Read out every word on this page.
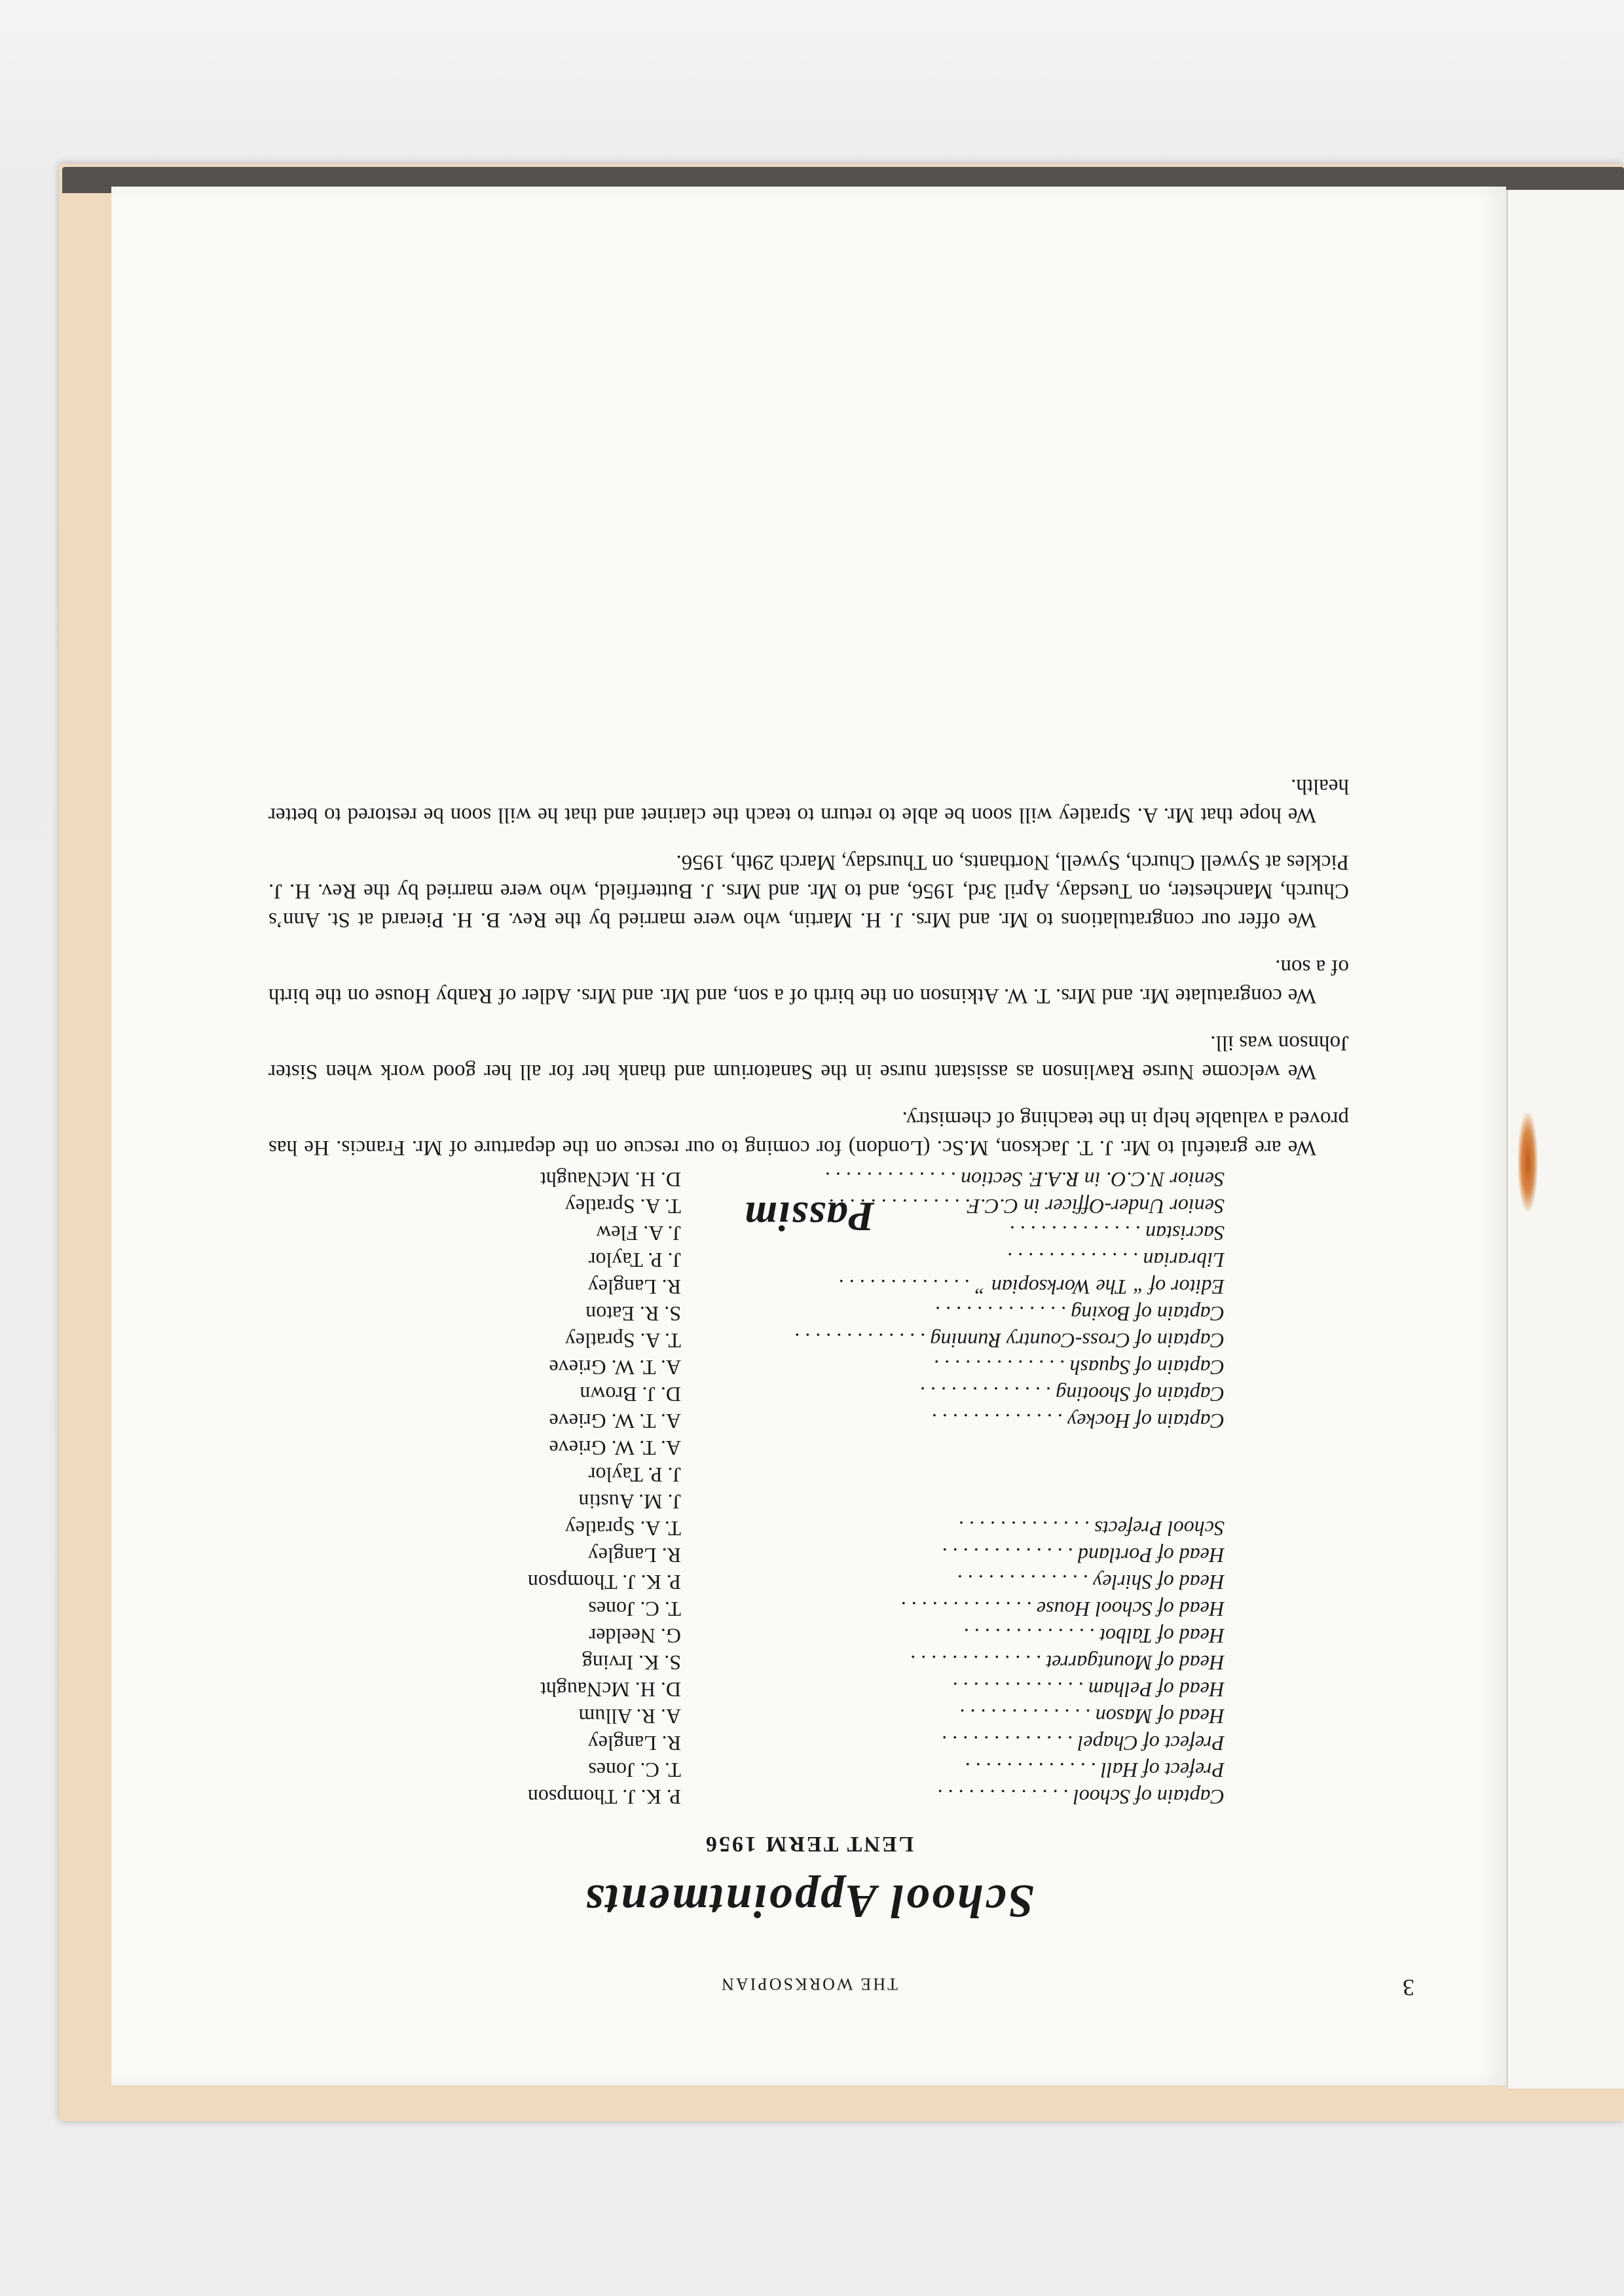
3
THE WORKSOPIAN
School Appointments
LENT TERM 1956
Captain of School . . . . . . . . . . . . .
P. K. J. Thompson
Prefect of Hall . . . . . . . . . . . . .
T. C. Jones
Prefect of Chapel . . . . . . . . . . . . .
R. Langley
Head of Mason . . . . . . . . . . . . .
A. R. Allum
Head of Pelham . . . . . . . . . . . . .
D. H. McNaught
Head of Mountgarret . . . . . . . . . . . . .
S. K. Irving
Head of Talbot . . . . . . . . . . . . .
G. Neelder
Head of School House . . . . . . . . . . . . .
T. C. Jones
Head of Shirley . . . . . . . . . . . . .
P. K. J. Thompson
Head of Portland . . . . . . . . . . . . .
R. Langley
School Prefects . . . . . . . . . . . . .
T. A. Spratley
J. M. Austin
J. P. Taylor
A. T. W. Grieve
Captain of Hockey . . . . . . . . . . . . .
A. T. W. Grieve
Captain of Shooting . . . . . . . . . . . . .
D. J. Brown
Captain of Squash . . . . . . . . . . . . .
A. T. W. Grieve
Captain of Cross-Country Running . . . . . . . . . . . . .
T. A. Spratley
Captain of Boxing . . . . . . . . . . . . .
S. R. Eaton
Editor of “ The Worksopian ” . . . . . . . . . . . . .
R. Langley
Librarian . . . . . . . . . . . . .
J. P. Taylor
Sacristan . . . . . . . . . . . . .
J. A. Flew
Senior Under-Officer in C.C.F. . . . . . . . . . . . . .
T. A. Spratley
Senior N.C.O. in R.A.F. Section . . . . . . . . . . . . .
D. H. McNaught
Passim

We are grateful to Mr. J. T. Jackson, M.Sc. (London) for coming to our rescue on the departure of Mr. Francis. He has proved a valuable help in the teaching of chemistry.

We welcome Nurse Rawlinson as assistant nurse in the Sanatorium and thank her for all her good work when Sister Johnson was ill.

We congratulate Mr. and Mrs. T. W. Atkinson on the birth of a son, and Mr. and Mrs. Adler of Ranby House on the birth of a son.

We offer our congratulations to Mr. and Mrs. J. H. Martin, who were married by the Rev. B. H. Pierard at St. Ann’s Church, Manchester, on Tuesday, April 3rd, 1956, and to Mr. and Mrs. J. Butterfield, who were married by the Rev. H. J. Pickles at Sywell Church, Sywell, Northants, on Thursday, March 29th, 1956.

We hope that Mr. A. Spratley will soon be able to return to teach the clarinet and that he will soon be restored to better health.
